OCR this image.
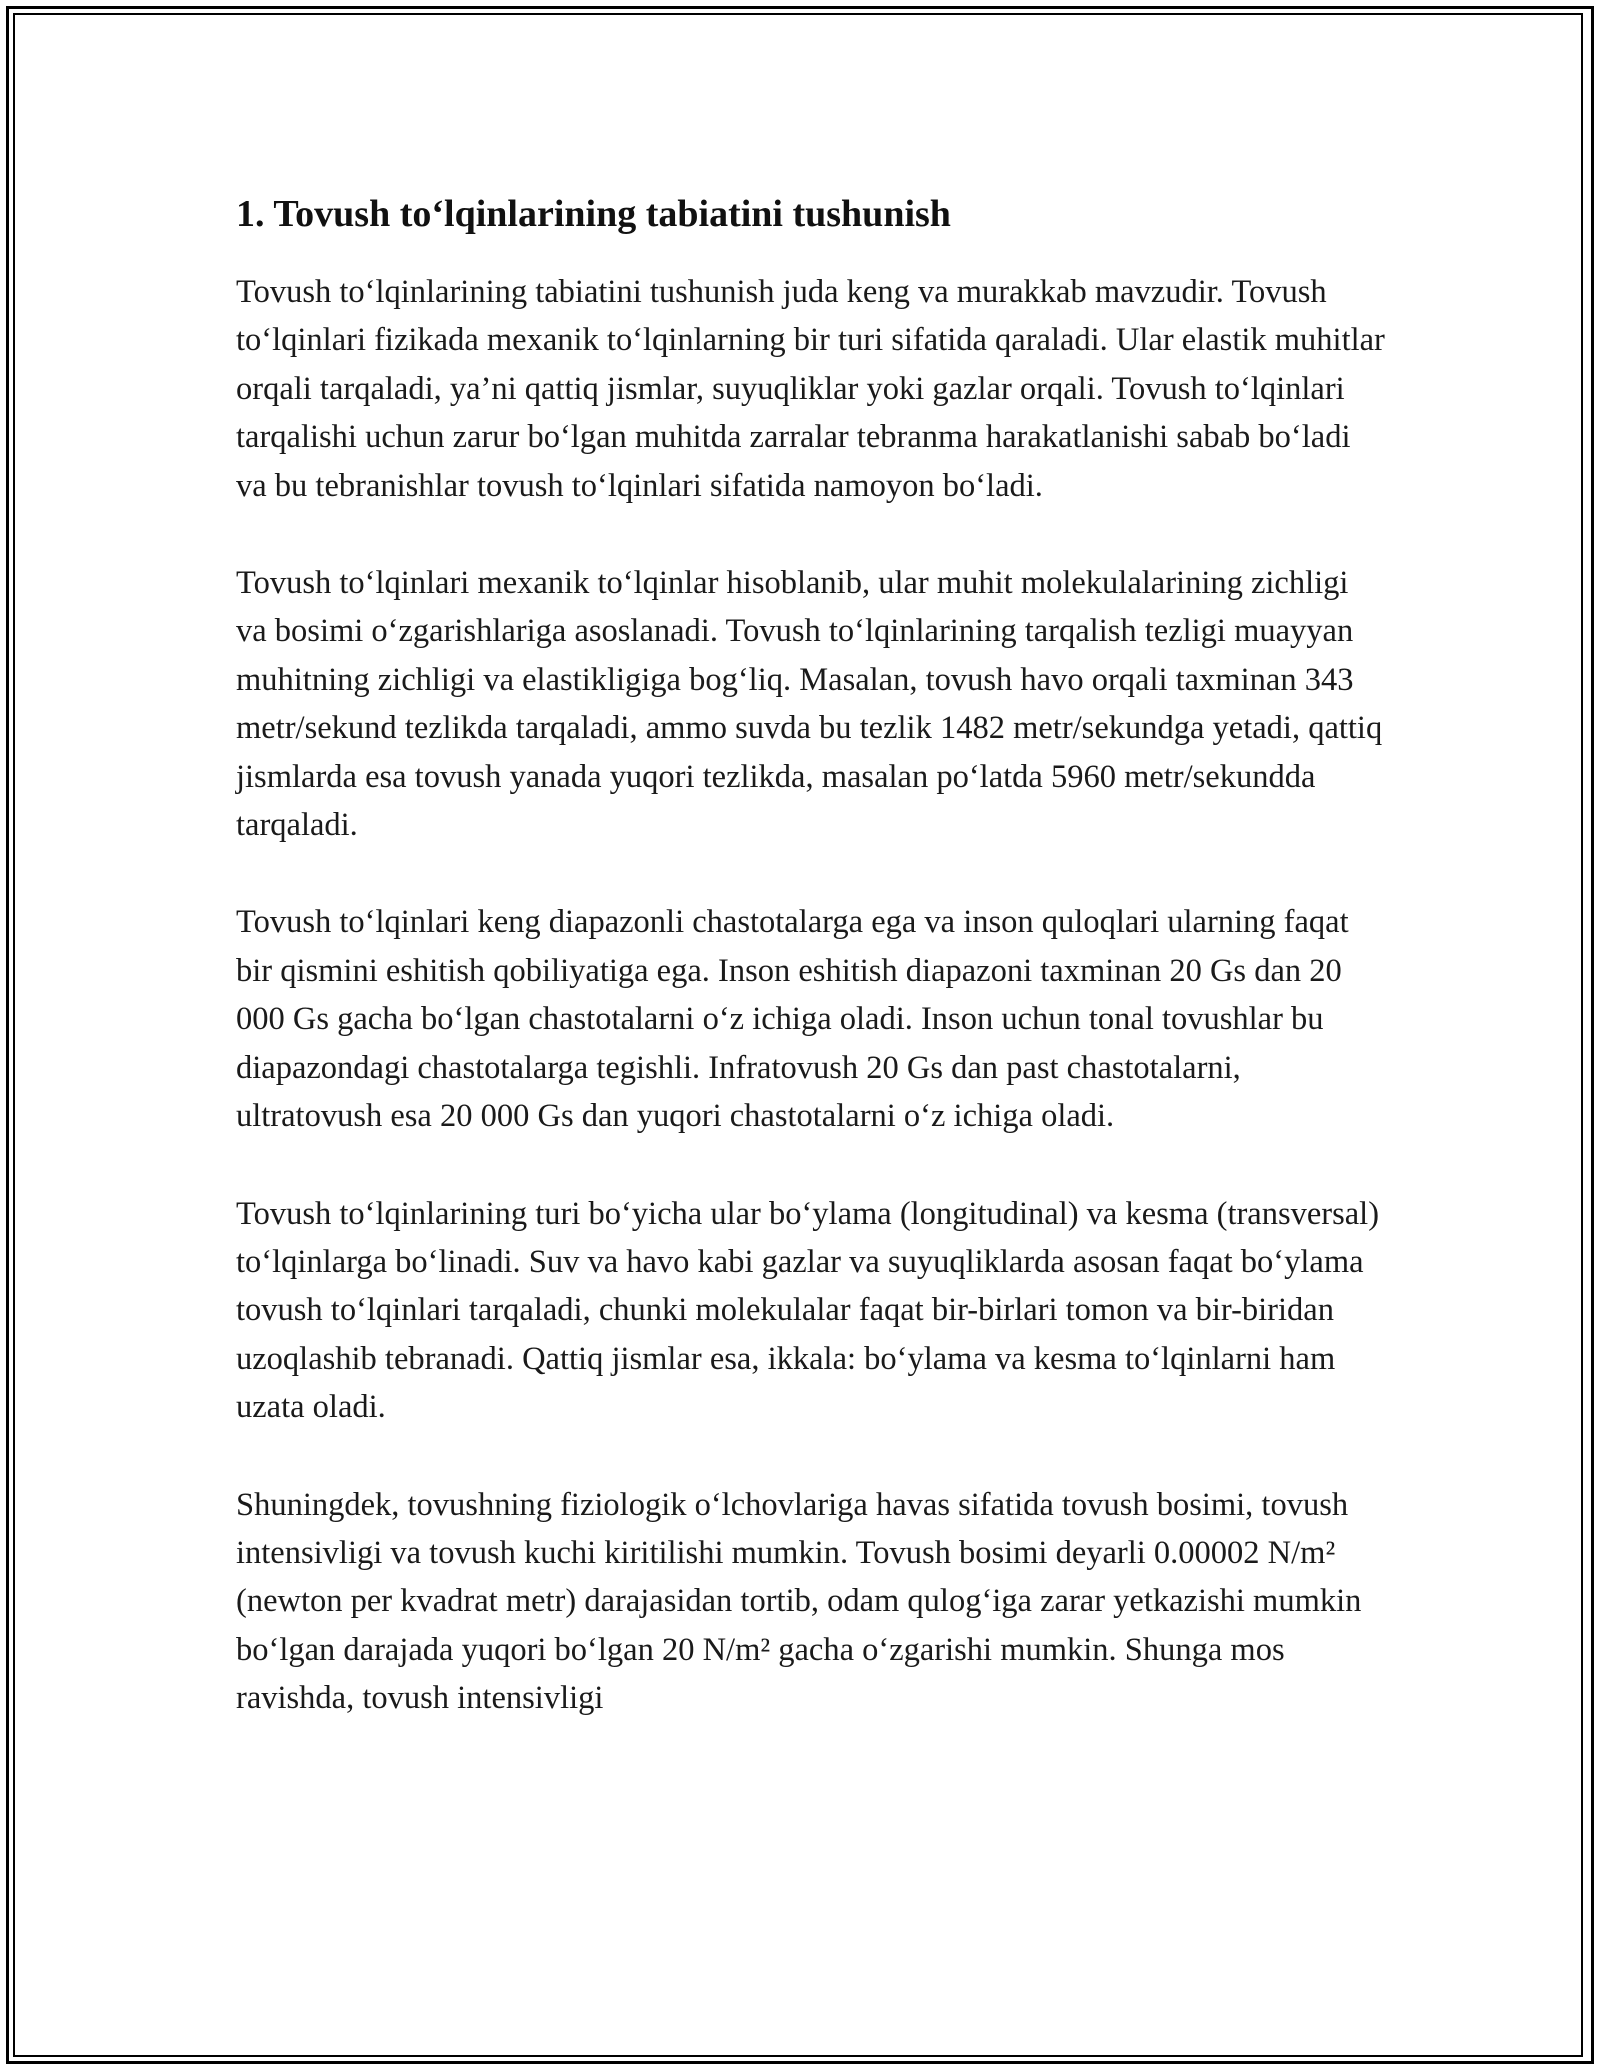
1. Tovush to‘lqinlarining tabiatini tushunish

Tovush to‘lqinlarining tabiatini tushunish juda keng va murakkab mavzudir. Tovush to‘lqinlari fizikada mexanik to‘lqinlarning bir turi sifatida qaraladi. Ular elastik muhitlar orqali tarqaladi, ya’ni qattiq jismlar, suyuqliklar yoki gazlar orqali. Tovush to‘lqinlari tarqalishi uchun zarur bo‘lgan muhitda zarralar tebranma harakatlanishi sabab bo‘ladi va bu tebranishlar tovush to‘lqinlari sifatida namoyon bo‘ladi.

Tovush to‘lqinlari mexanik to‘lqinlar hisoblanib, ular muhit molekulalarining zichligi va bosimi o‘zgarishlariga asoslanadi. Tovush to‘lqinlarining tarqalish tezligi muayyan muhitning zichligi va elastikligiga bog‘liq. Masalan, tovush havo orqali taxminan 343 metr/sekund tezlikda tarqaladi, ammo suvda bu tezlik 1482 metr/sekundga yetadi, qattiq jismlarda esa tovush yanada yuqori tezlikda, masalan po‘latda 5960 metr/sekundda tarqaladi.

Tovush to‘lqinlari keng diapazonli chastotalarga ega va inson quloqlari ularning faqat bir qismini eshitish qobiliyatiga ega. Inson eshitish diapazoni taxminan 20 Gs dan 20 000 Gs gacha bo‘lgan chastotalarni o‘z ichiga oladi. Inson uchun tonal tovushlar bu diapazondagi chastotalarga tegishli. Infratovush 20 Gs dan past chastotalarni, ultratovush esa 20 000 Gs dan yuqori chastotalarni o‘z ichiga oladi.

Tovush to‘lqinlarining turi bo‘yicha ular bo‘ylama (longitudinal) va kesma (transversal) to‘lqinlarga bo‘linadi. Suv va havo kabi gazlar va suyuqliklarda asosan faqat bo‘ylama tovush to‘lqinlari tarqaladi, chunki molekulalar faqat bir-birlari tomon va bir-biridan uzoqlashib tebranadi. Qattiq jismlar esa, ikkala: bo‘ylama va kesma to‘lqinlarni ham uzata oladi.

Shuningdek, tovushning fiziologik o‘lchovlariga havas sifatida tovush bosimi, tovush intensivligi va tovush kuchi kiritilishi mumkin. Tovush bosimi deyarli 0.00002 N/m² (newton per kvadrat metr) darajasidan tortib, odam qulog‘iga zarar yetkazishi mumkin bo‘lgan darajada yuqori bo‘lgan 20 N/m² gacha o‘zgarishi mumkin. Shunga mos ravishda, tovush intensivligi
